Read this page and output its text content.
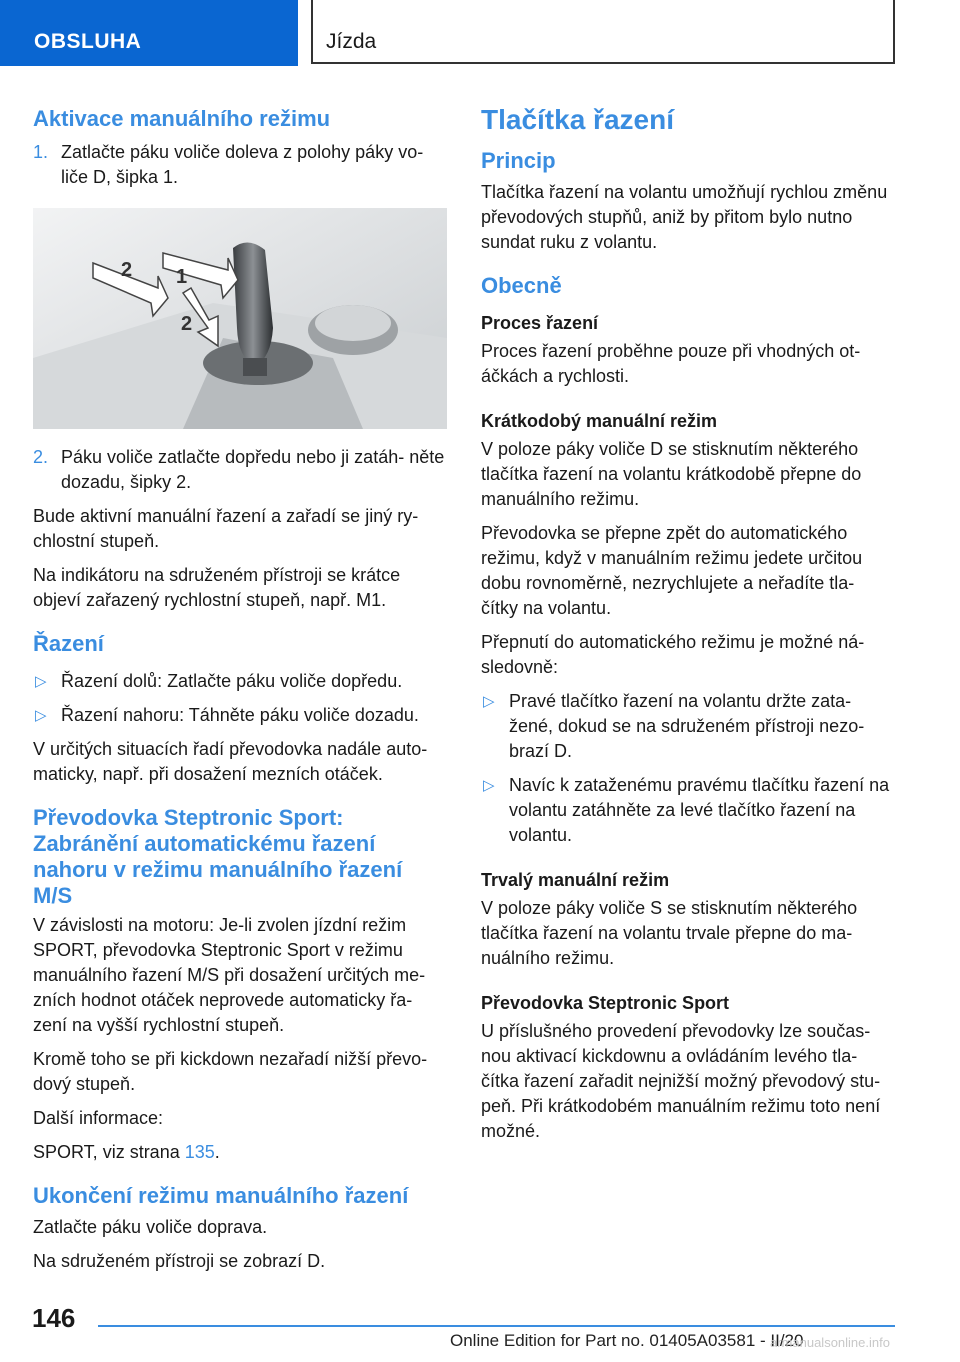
OBSLUHA	Jízda
Aktivace manuálního režimu
1. Zatlačte páku voliče doleva z polohy páky vo- liče D, šipka 1.
2 1
2
2. Páku voliče zatlačte dopředu nebo ji zatáh- něte dozadu, šipky 2.

Bude aktivní manuální řazení a zařadí se jiný ry- chlostní stupeň.

Na indikátoru na sdruženém přístroji se krátce objeví zařazený rychlostní stupeň, např. M1.

Řazení
▷ Řazení dolů: Zatlačte páku voliče dopředu.
▷ Řazení nahoru: Táhněte páku voliče dozadu.

V určitých situacích řadí převodovka nadále auto- maticky, např. při dosažení mezních otáček.

Převodovka Steptronic Sport: Zabránění automatickému řazení nahoru v režimu manuálního řazení M/S

V závislosti na motoru: Je-li zvolen jízdní režim SPORT, převodovka Steptronic Sport v režimu manuálního řazení M/S při dosažení určitých me- zních hodnot otáček neprovede automaticky řa- zení na vyšší rychlostní stupeň.

Kromě toho se při kickdown nezařadí nižší převo- dový stupeň.

Další informace:

SPORT, viz strana 135.

Ukončení režimu manuálního řazení

Zatlačte páku voliče doprava.

Na sdruženém přístroji se zobrazí D.

Tlačítka řazení
Princip

Tlačítka řazení na volantu umožňují rychlou změnu převodových stupňů, aniž by přitom bylo nutno sundat ruku z volantu.

Obecně
Proces řazení

Proces řazení proběhne pouze při vhodných ot- áčkách a rychlosti.

Krátkodobý manuální režim

V poloze páky voliče D se stisknutím některého tlačítka řazení na volantu krátkodobě přepne do manuálního režimu.

Převodovka se přepne zpět do automatického režimu, když v manuálním režimu jedete určitou dobu rovnoměrně, nezrychlujete a neřadíte tla- čítky na volantu.

Přepnutí do automatického režimu je možné ná- sledovně:

▷ Pravé tlačítko řazení na volantu držte zata- žené, dokud se na sdruženém přístroji nezo- brazí D.
▷ Navíc k zataženému pravému tlačítku řazení na volantu zatáhněte za levé tlačítko řazení na volantu.
Trvalý manuální režim

V poloze páky voliče S se stisknutím některého tlačítka řazení na volantu trvale přepne do ma- nuálního režimu.

Převodovka Steptronic Sport

U příslušného provedení převodovky lze součas- nou aktivací kickdownu a ovládáním levého tla- čítka řazení zařadit nejnižší možný převodový stu- peň. Při krátkodobém manuálním režimu toto není možné.

146
Online Edition for Part no. 01405A03581 - II/20
armanualsonline.info
